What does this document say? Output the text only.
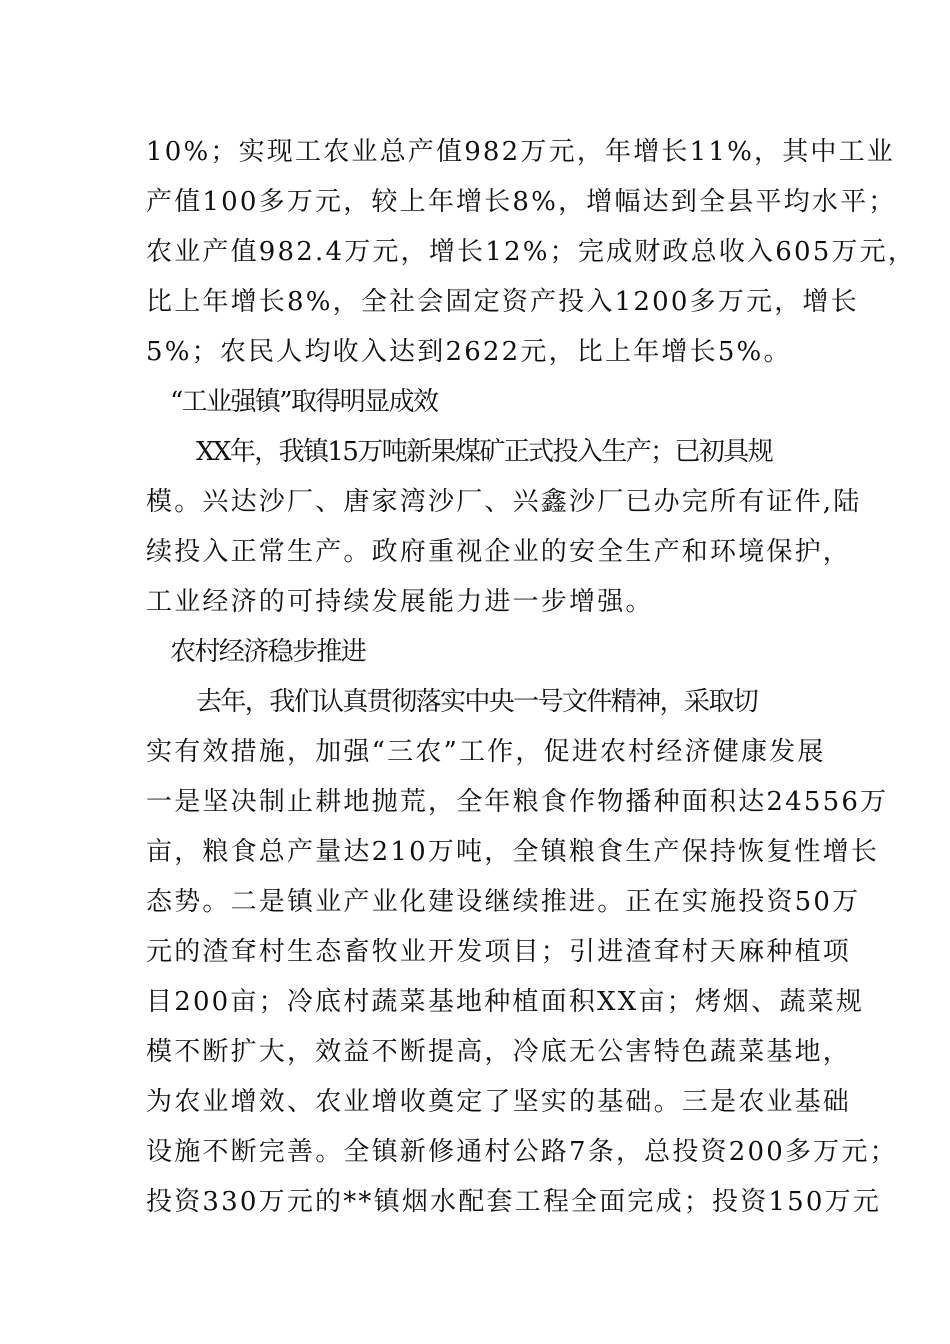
10%；实现工农业总产值982万元，年增长11%，其中工业
产值100多万元，较上年增长8%，增幅达到全县平均水平；
农业产值982.4万元，增长12%；完成财政总收入605万元，
比上年增长8%，全社会固定资产投入1200多万元，增长
5%；农民人均收入达到2622元，比上年增长5%。
“工业强镇”取得明显成效
XX年，我镇15万吨新果煤矿正式投入生产；已初具规
模。兴达沙厂、唐家湾沙厂、兴鑫沙厂已办完所有证件,陆
续投入正常生产。政府重视企业的安全生产和环境保护，
工业经济的可持续发展能力进一步增强。
农村经济稳步推进
去年，我们认真贯彻落实中央一号文件精神，采取切
实有效措施，加强“三农”工作，促进农村经济健康发展
一是坚决制止耕地抛荒，全年粮食作物播种面积达24556万
亩，粮食总产量达210万吨，全镇粮食生产保持恢复性增长
态势。二是镇业产业化建设继续推进。正在实施投资50万
元的渣耷村生态畜牧业开发项目；引进渣耷村天麻种植项
目200亩；冷底村蔬菜基地种植面积XX亩；烤烟、蔬菜规
模不断扩大，效益不断提高，冷底无公害特色蔬菜基地，
为农业增效、农业增收奠定了坚实的基础。三是农业基础
设施不断完善。全镇新修通村公路7条，总投资200多万元；
投资330万元的**镇烟水配套工程全面完成；投资150万元
